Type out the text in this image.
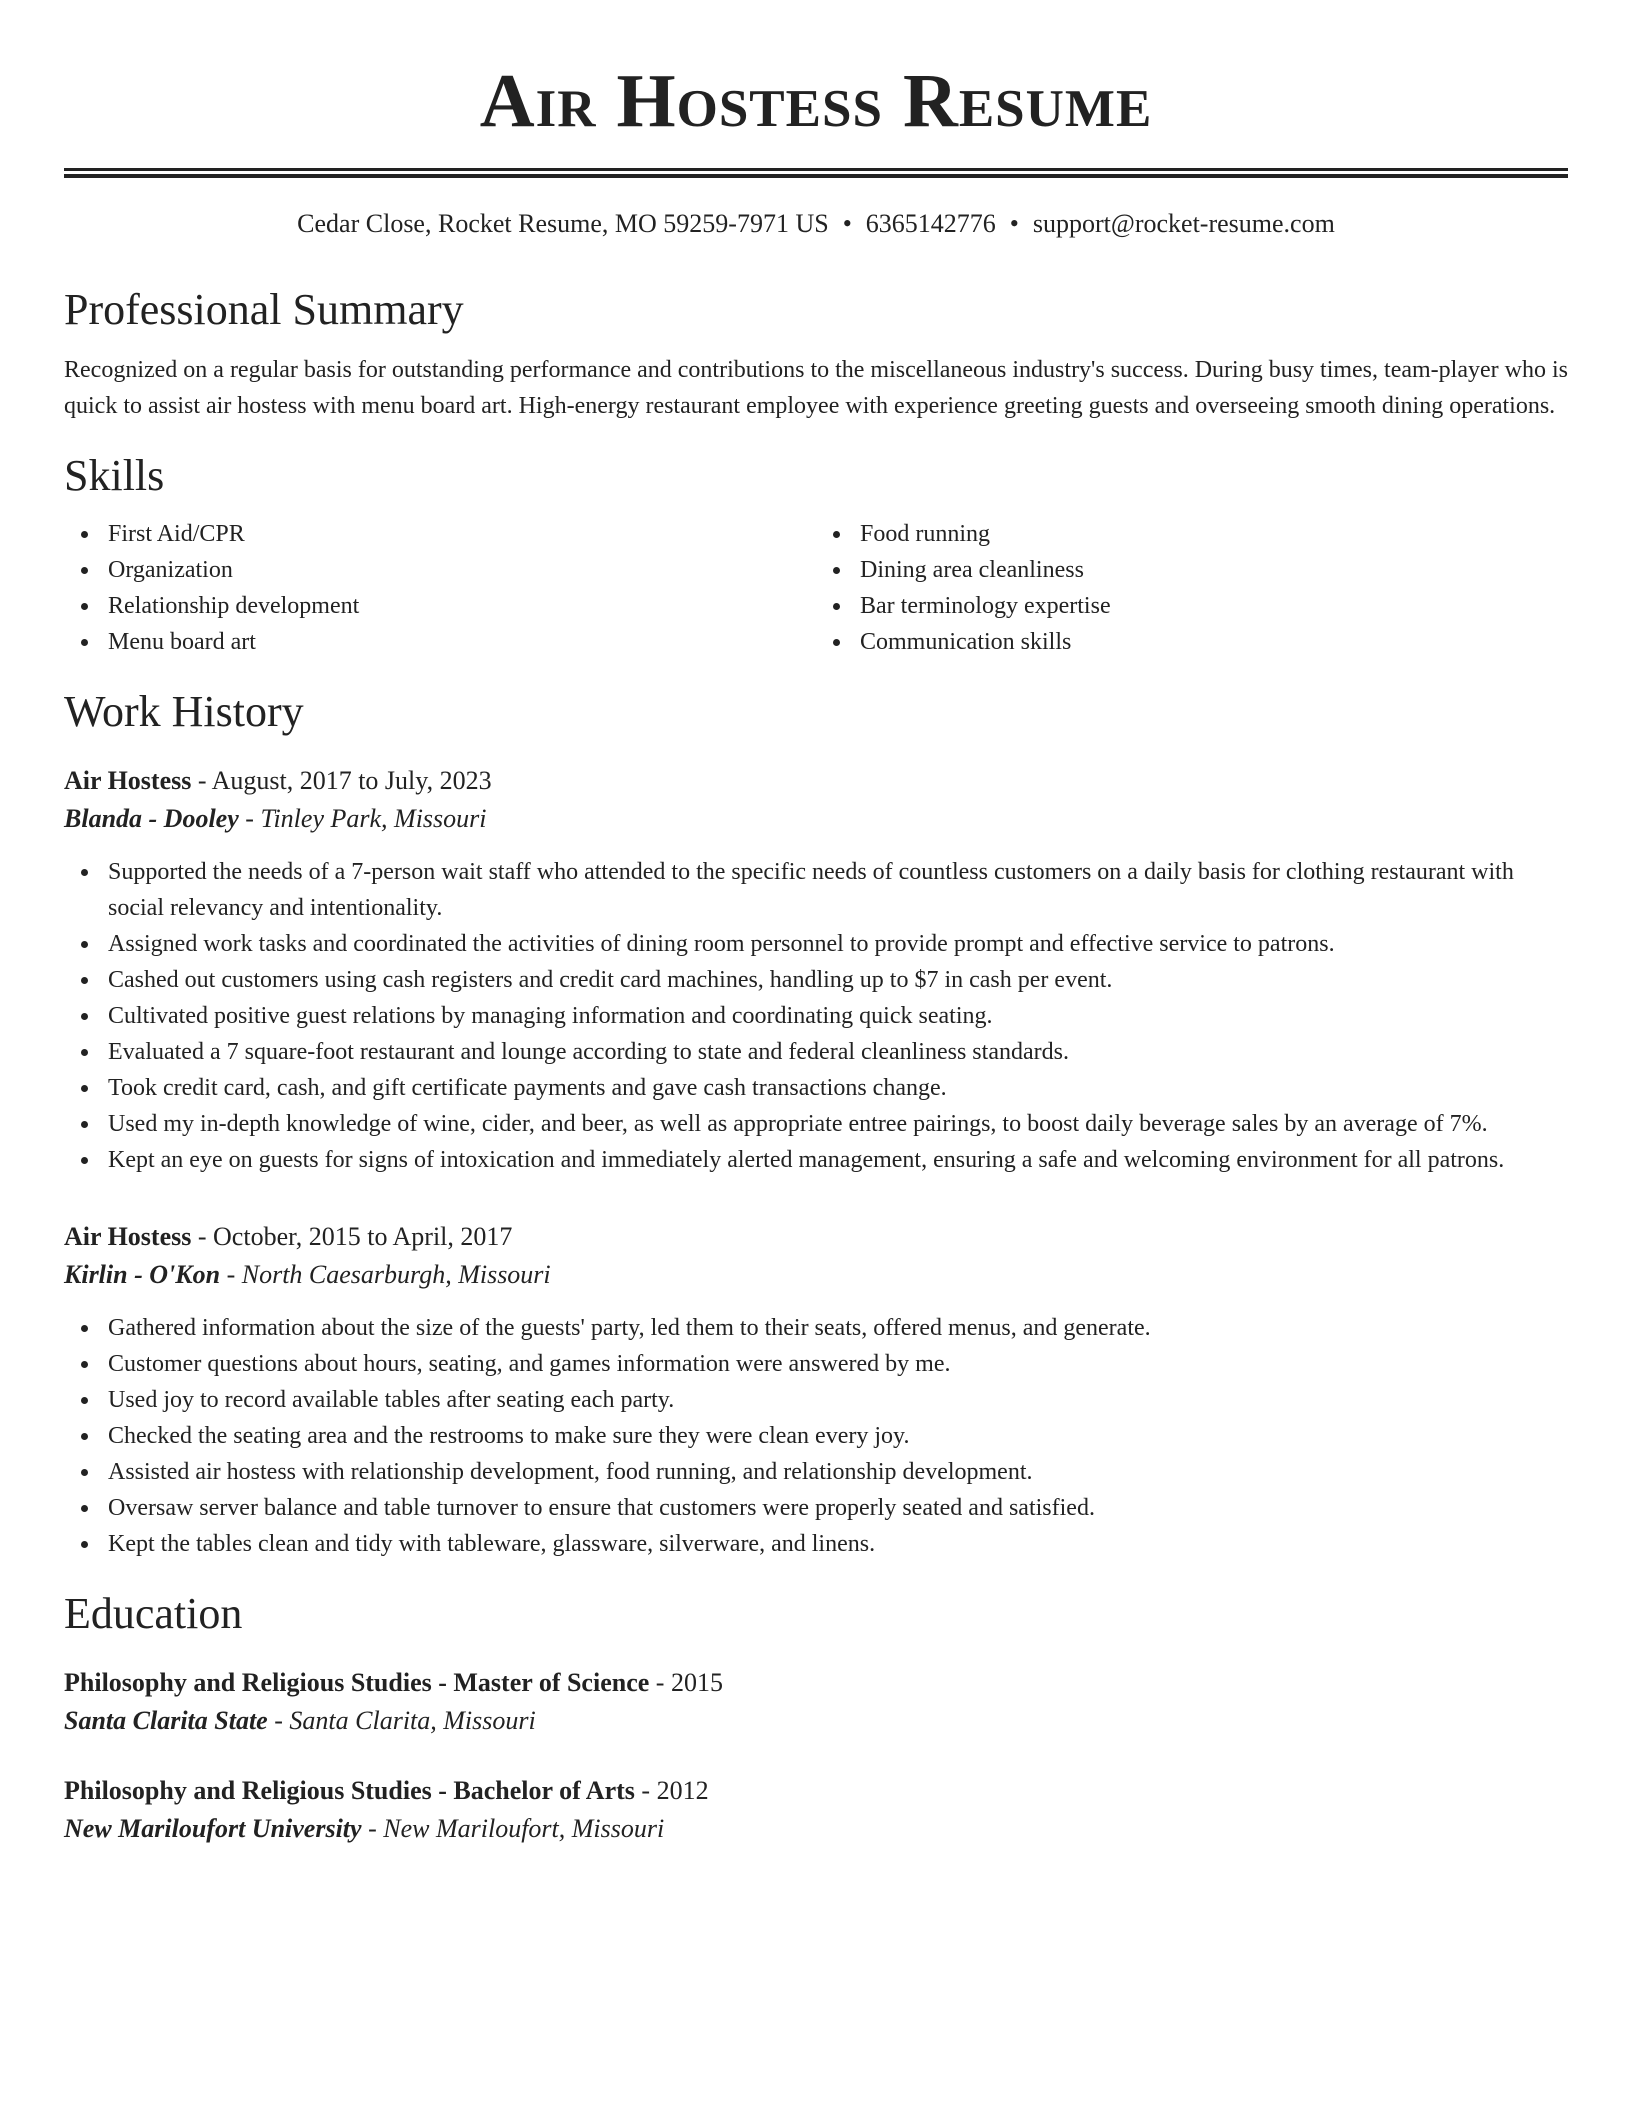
Air Hostess Resume
Cedar Close, Rocket Resume, MO 59259-7971 US • 6365142776 • support@rocket-resume.com
Professional Summary

Recognized on a regular basis for outstanding performance and contributions to the miscellaneous industry's success. During busy times, team-player who is quick to assist air hostess with menu board art. High-energy restaurant employee with experience greeting guests and overseeing smooth dining operations.

Skills
First Aid/CPR
Organization
Relationship development
Menu board art
Food running
Dining area cleanliness
Bar terminology expertise
Communication skills
Work History
Air Hostess - August, 2017 to July, 2023
Blanda - Dooley - Tinley Park, Missouri
Supported the needs of a 7-person wait staff who attended to the specific needs of countless customers on a daily basis for clothing restaurant with social relevancy and intentionality.
Assigned work tasks and coordinated the activities of dining room personnel to provide prompt and effective service to patrons.
Cashed out customers using cash registers and credit card machines, handling up to $7 in cash per event.
Cultivated positive guest relations by managing information and coordinating quick seating.
Evaluated a 7 square-foot restaurant and lounge according to state and federal cleanliness standards.
Took credit card, cash, and gift certificate payments and gave cash transactions change.
Used my in-depth knowledge of wine, cider, and beer, as well as appropriate entree pairings, to boost daily beverage sales by an average of 7%.
Kept an eye on guests for signs of intoxication and immediately alerted management, ensuring a safe and welcoming environment for all patrons.
Air Hostess - October, 2015 to April, 2017
Kirlin - O'Kon - North Caesarburgh, Missouri
Gathered information about the size of the guests' party, led them to their seats, offered menus, and generate.
Customer questions about hours, seating, and games information were answered by me.
Used joy to record available tables after seating each party.
Checked the seating area and the restrooms to make sure they were clean every joy.
Assisted air hostess with relationship development, food running, and relationship development.
Oversaw server balance and table turnover to ensure that customers were properly seated and satisfied.
Kept the tables clean and tidy with tableware, glassware, silverware, and linens.
Education
Philosophy and Religious Studies - Master of Science - 2015
Santa Clarita State - Santa Clarita, Missouri
Philosophy and Religious Studies - Bachelor of Arts - 2012
New Mariloufort University - New Mariloufort, Missouri
